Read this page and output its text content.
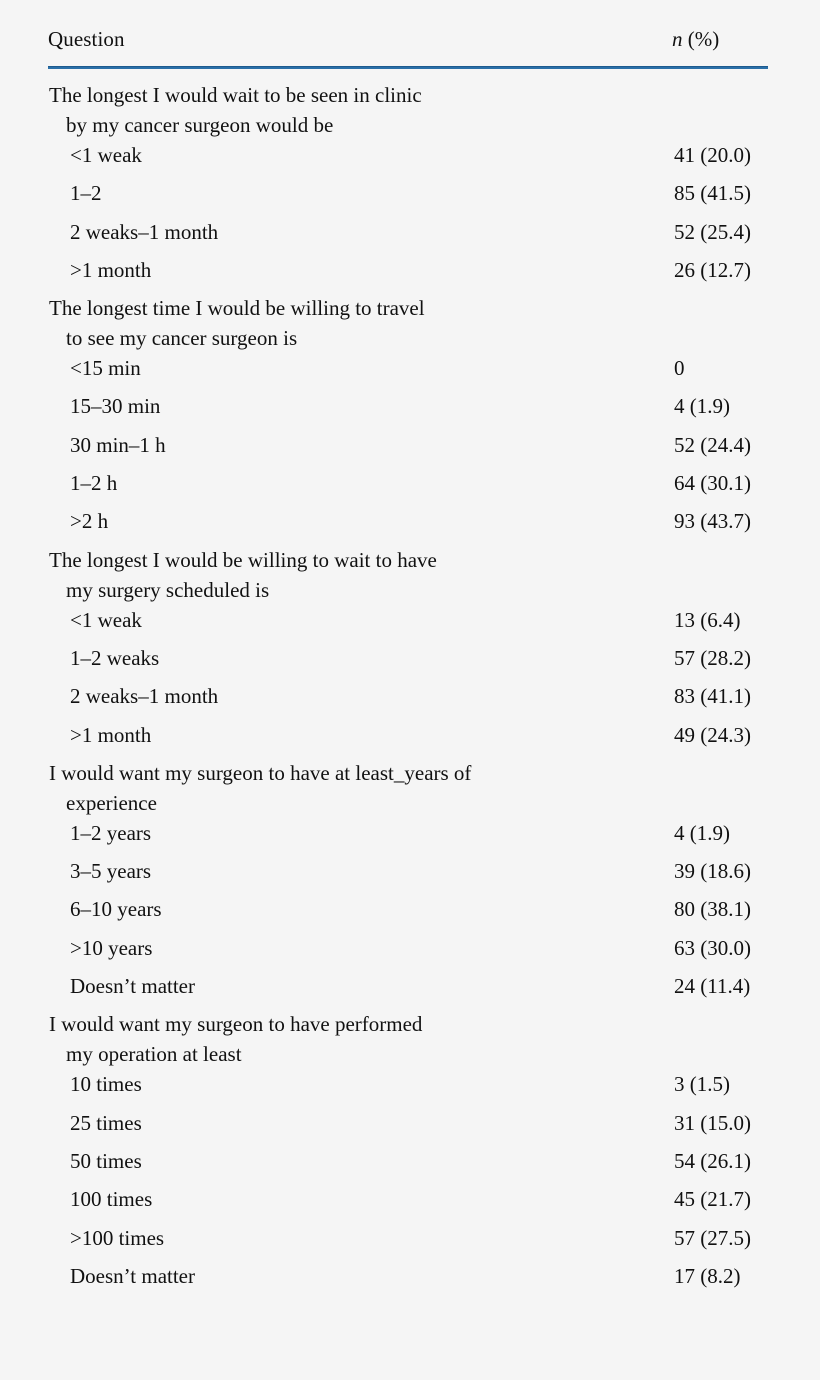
Question	n (%)
The longest I would wait to be seen in clinic
by my cancer surgeon would be
<1 weak	41 (20.0)
1–2	85 (41.5)
2 weaks–1 month	52 (25.4)
>1 month	26 (12.7)
The longest time I would be willing to travel
to see my cancer surgeon is
<15 min	0
15–30 min	4 (1.9)
30 min–1 h	52 (24.4)
1–2 h	64 (30.1)
>2 h	93 (43.7)
The longest I would be willing to wait to have
my surgery scheduled is
<1 weak	13 (6.4)
1–2 weaks	57 (28.2)
2 weaks–1 month	83 (41.1)
>1 month	49 (24.3)
I would want my surgeon to have at least_years of
experience
1–2 years	4 (1.9)
3–5 years	39 (18.6)
6–10 years	80 (38.1)
>10 years	63 (30.0)
Doesn’t matter	24 (11.4)
I would want my surgeon to have performed
my operation at least
10 times	3 (1.5)
25 times	31 (15.0)
50 times	54 (26.1)
100 times	45 (21.7)
>100 times	57 (27.5)
Doesn’t matter	17 (8.2)
